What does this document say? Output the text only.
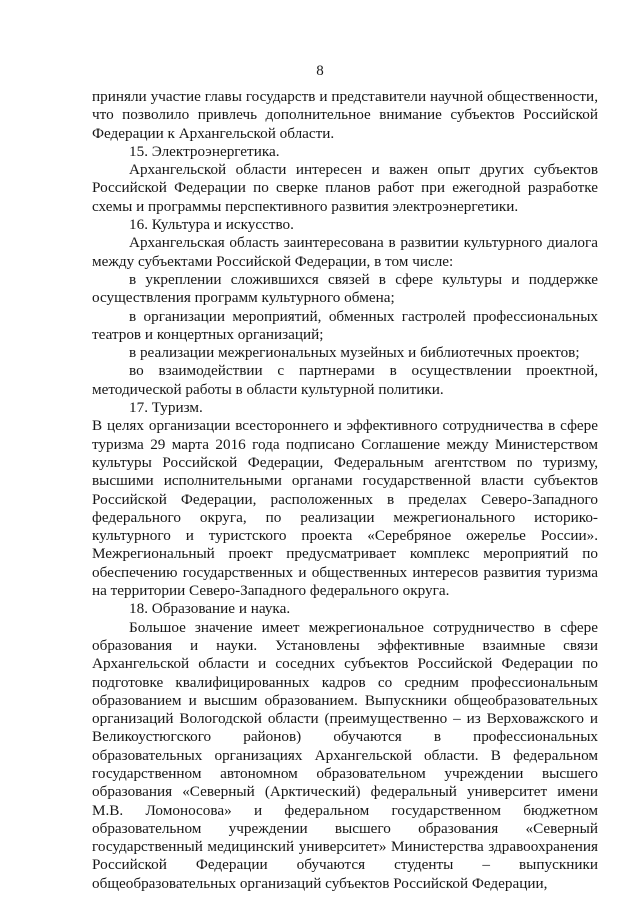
8

приняли участие главы государств и представители научной общественности, что позволило привлечь дополнительное внимание субъектов Российской Федерации к Архангельской области.

15. Электроэнергетика.

Архангельской области интересен и важен опыт других субъектов Российской Федерации по сверке планов работ при ежегодной разработке схемы и программы перспективного развития электроэнергетики.

16. Культура и искусство.

Архангельская область заинтересована в развитии культурного диалога между субъектами Российской Федерации, в том числе:

в укреплении сложившихся связей в сфере культуры и поддержке осуществления программ культурного обмена;

в организации мероприятий, обменных гастролей профессиональных театров и концертных организаций;

в реализации межрегиональных музейных и библиотечных проектов;

во взаимодействии с партнерами в осуществлении проектной, методической работы в области культурной политики.

17. Туризм.

В целях организации всестороннего и эффективного сотрудничества в сфере туризма 29 марта 2016 года подписано Соглашение между Министерством культуры Российской Федерации, Федеральным агентством по туризму, высшими исполнительными органами государственной власти субъектов Российской Федерации, расположенных в пределах Северо-Западного федерального округа, по реализации межрегионального историко-культурного и туристского проекта «Серебряное ожерелье России». Межрегиональный проект предусматривает комплекс мероприятий по обеспечению государственных и общественных интересов развития туризма на территории Северо-Западного федерального округа.

18. Образование и наука.

Большое значение имеет межрегиональное сотрудничество в сфере образования и науки. Установлены эффективные взаимные связи Архангельской области и соседних субъектов Российской Федерации по подготовке квалифицированных кадров со средним профессиональным образованием и высшим образованием. Выпускники общеобразовательных организаций Вологодской области (преимущественно – из Верховажского и Великоустюгского районов) обучаются в профессиональных образовательных организациях Архангельской области. В федеральном государственном автономном образовательном учреждении высшего образования «Северный (Арктический) федеральный университет имени М.В. Ломоносова» и федеральном государственном бюджетном образовательном учреждении высшего образования «Северный государственный медицинский университет» Министерства здравоохранения Российской Федерации обучаются студенты – выпускники общеобразовательных организаций субъектов Российской Федерации,
